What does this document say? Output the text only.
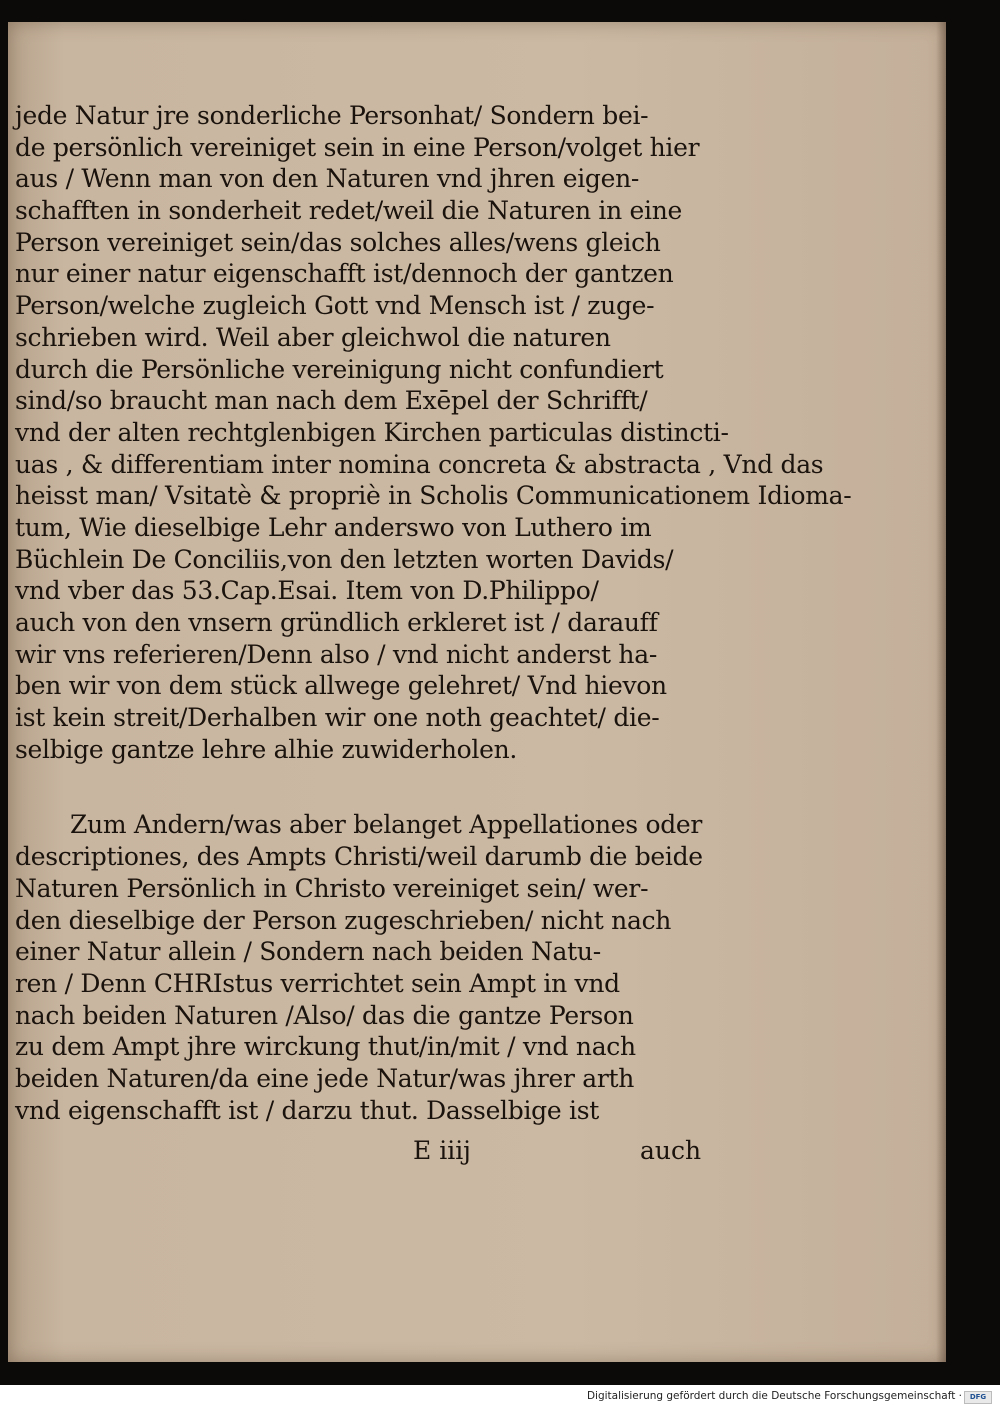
jede Natur jre sonderliche Personhat/ Sondern bei-
de persönlich vereiniget sein in eine Person/volget hier
aus / Wenn man von den Naturen vnd jhren eigen-
schafften in sonderheit redet/weil die Naturen in eine
Person vereiniget sein/das solches alles/wens gleich
nur einer natur eigenschafft ist/dennoch der gantzen
Person/welche zugleich Gott vnd Mensch ist / zuge-
schrieben wird. Weil aber gleichwol die naturen
durch die Persönliche vereinigung nicht confundiert
sind/so braucht man nach dem Exēpel der Schrifft/
vnd der alten rechtglenbigen Kirchen particulas distincti-
uas , & differentiam inter nomina concreta & abstracta , Vnd das
heisst man/ Vsitatè & propriè in Scholis Communicationem Idioma-
tum, Wie dieselbige Lehr anderswo von Luthero im
Büchlein De Conciliis,von den letzten worten Davids/
vnd vber das 53.Cap.Esai. Item von D.Philippo/
auch von den vnsern gründlich erkleret ist / darauff
wir vns referieren/Denn also / vnd nicht anderst ha-
ben wir von dem stück allwege gelehret/ Vnd hievon
ist kein streit/Derhalben wir one noth geachtet/ die-
selbige gantze lehre alhie zuwiderholen.
Zum Andern/was aber belanget Appellationes oder
descriptiones, des Ampts Christi/weil darumb die beide
Naturen Persönlich in Christo vereiniget sein/ wer-
den dieselbige der Person zugeschrieben/ nicht nach
einer Natur allein / Sondern nach beiden Natu-
ren / Denn CHRIstus verrichtet sein Ampt in vnd
nach beiden Naturen /Also/ das die gantze Person
zu dem Ampt jhre wirckung thut/in/mit / vnd nach
beiden Naturen/da eine jede Natur/was jhrer arth
vnd eigenschafft ist / darzu thut. Dasselbige ist
E iiij	auch
Digitalisierung gefördert durch die Deutsche Forschungsgemeinschaft ·	DFG
